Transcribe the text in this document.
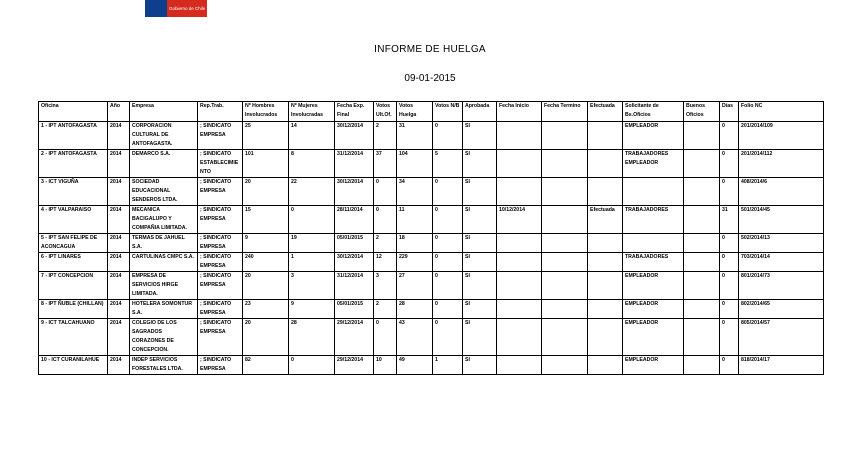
Gobierno de Chile
INFORME DE HUELGA
09-01-2015
Oficina	Año	Empresa	Rep.Trab.	Nº Hombres Involucrados	Nº Mujeres Involucradas	Fecha Exp. Final	Votos Ult.Of.	Votos Huelga	Votos N/B	Aprobada	Fecha Inicio	Fecha Termino	Efectuada	Solicitante de Bs.Oficios	Buenos Oficios	Días	Folio NC
1 - IPT ANTOFAGASTA	2014	CORPORACION CULTURAL DE ANTOFAGASTA.	; SINDICATO EMPRESA	25	14	30/12/2014	2	31	0	SI				EMPLEADOR		0	201/2014/109
2 - IPT ANTOFAGASTA	2014	DEMARCO S.A.	; SINDICATO ESTABLECIMIENTO	101	8	31/12/2014	37	104	5	SI				TRABAJADORES EMPLEADOR		0	201/2014/112
3 - ICT VIGUÑA	2014	SOCIEDAD EDUCACIONAL SENDEROS LTDA.	; SINDICATO EMPRESA	20	22	30/12/2014	0	34	0	SI						0	408/2014/6
4 - IPT VALPARAISO	2014	MECANICA BACIGALUPO Y COMPAÑIA LIMITADA.	; SINDICATO EMPRESA	15	0	28/11/2014	0	11	0	SI	10/12/2014		Efectuada	TRABAJADORES		31	501/2014/45
5 - IPT SAN FELIPE DE ACONCAGUA	2014	TERMAS DE JAHUEL S.A.	; SINDICATO EMPRESA	9	19	05/01/2015	2	18	0	SI						0	502/2014/13
6 - IPT LINARES	2014	CARTULINAS CMPC S.A.	; SINDICATO EMPRESA	240	1	30/12/2014	12	229	0	SI				TRABAJADORES		0	703/2014/14
7 - IPT CONCEPCION	2014	EMPRESA DE SERVICIOS HIRGE LIMITADA.	; SINDICATO EMPRESA	20	3	31/12/2014	3	27	0	SI				EMPLEADOR		0	801/2014/73
8 - IPT ÑUBLE (CHILLAN)	2014	HOTELERA SOMONTUR S.A.	; SINDICATO EMPRESA	23	9	05/01/2015	2	28	0	SI				EMPLEADOR		0	802/2014/65
9 - ICT TALCAHUANO	2014	COLEGIO DE LOS SAGRADOS CORAZONES DE CONCEPCION.	; SINDICATO EMPRESA	20	28	29/12/2014	0	43	0	SI				EMPLEADOR		0	805/2014/57
10 - ICT CURANILAHUE	2014	INDEP SERVICIOS FORESTALES LTDA.	; SINDICATO EMPRESA	82	0	29/12/2014	10	49	1	SI				EMPLEADOR		0	818/2014/17
